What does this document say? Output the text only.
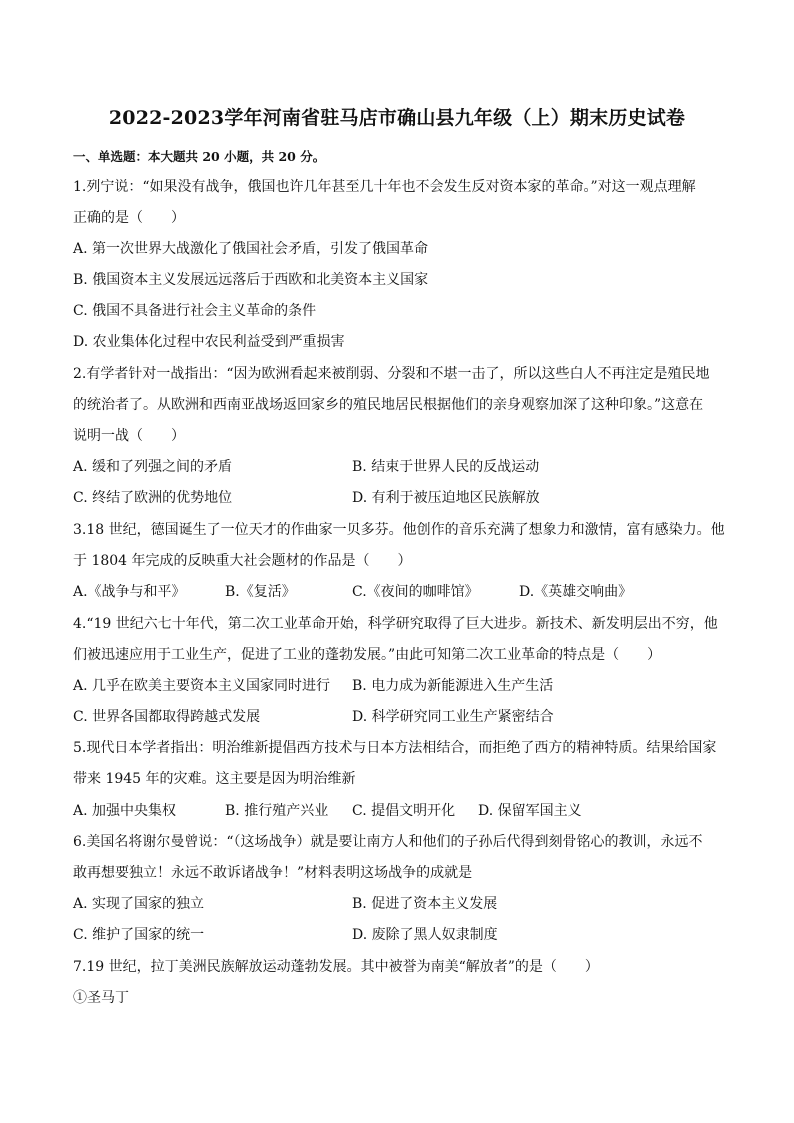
2022-2023学年河南省驻马店市确山县九年级（上）期末历史试卷
一、单选题：本大题共 20 小题，共 20 分。
1.列宁说：“如果没有战争，俄国也许几年甚至几十年也不会发生反对资本家的革命。”对这一观点理解
正确的是（　　）
A. 第一次世界大战激化了俄国社会矛盾，引发了俄国革命
B. 俄国资本主义发展远远落后于西欧和北美资本主义国家
C. 俄国不具备进行社会主义革命的条件
D. 农业集体化过程中农民利益受到严重损害
2.有学者针对一战指出：“因为欧洲看起来被削弱、分裂和不堪一击了，所以这些白人不再注定是殖民地
的统治者了。从欧洲和西南亚战场返回家乡的殖民地居民根据他们的亲身观察加深了这种印象。”这意在
说明一战（　　）
A. 缓和了列强之间的矛盾	B. 结束于世界人民的反战运动
C. 终结了欧洲的优势地位	D. 有利于被压迫地区民族解放
3.18 世纪，德国诞生了一位天才的作曲家一贝多芬。他创作的音乐充满了想象力和激情，富有感染力。他
于 1804 年完成的反映重大社会题材的作品是（　　）
A.《战争与和平》	B.《复活》	C.《夜间的咖啡馆》	D.《英雄交响曲》
4.“19 世纪六七十年代，第二次工业革命开始，科学研究取得了巨大进步。新技术、新发明层出不穷，他
们被迅速应用于工业生产，促进了工业的蓬勃发展。”由此可知第二次工业革命的特点是（　　）
A. 几乎在欧美主要资本主义国家同时进行 B. 电力成为新能源进入生产生活
C. 世界各国都取得跨越式发展	D. 科学研究同工业生产紧密结合
5.现代日本学者指出：明治维新提倡西方技术与日本方法相结合，而拒绝了西方的精神特质。结果给国家
带来 1945 年的灾难。这主要是因为明治维新
A. 加强中央集权	B. 推行殖产兴业 C. 提倡文明开化 D. 保留军国主义
6.美国名将谢尔曼曾说：“（这场战争）就是要让南方人和他们的子孙后代得到刻骨铭心的教训，永远不
敢再想要独立！永远不敢诉诸战争！”材料表明这场战争的成就是
A. 实现了国家的独立	B. 促进了资本主义发展
C. 维护了国家的统一	D. 废除了黑人奴隶制度
7.19 世纪，拉丁美洲民族解放运动蓬勃发展。其中被誉为南美“解放者”的是（　　）
①圣马丁
